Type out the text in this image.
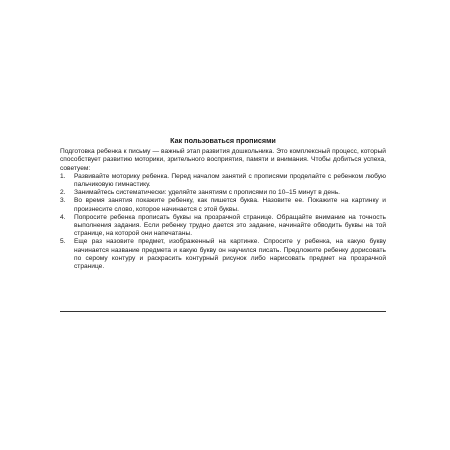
Как пользоваться прописями

Подготовка ребенка к письму — важный этап развития дошкольника. Это комплексный процесс, который способствует развитию моторики, зрительного восприятия, памяти и внимания. Чтобы добиться успеха, советуем:

1.	Развивайте моторику ребенка. Перед началом занятий с прописями проделайте с ребенком любую пальчиковую гимнастику.
2.	Занимайтесь систематически: уделяйте занятиям с прописями по 10–15 минут в день.
3.	Во время занятия покажите ребенку, как пишется буква. Назовите ее. Покажите на картинку и произнесите слово, которое начинается с этой буквы.
4.	Попросите ребенка прописать буквы на прозрачной странице. Обращайте внимание на точность выполнения задания. Если ребенку трудно дается это задание, начинайте обводить буквы на той странице, на которой они напечатаны.
5.	Еще раз назовите предмет, изображенный на картинке. Спросите у ребенка, на какую букву начинается название предмета и какую букву он научился писать. Предложите ребенку дорисовать по серому контуру и раскрасить контурный рисунок либо нарисовать предмет на прозрачной странице.
